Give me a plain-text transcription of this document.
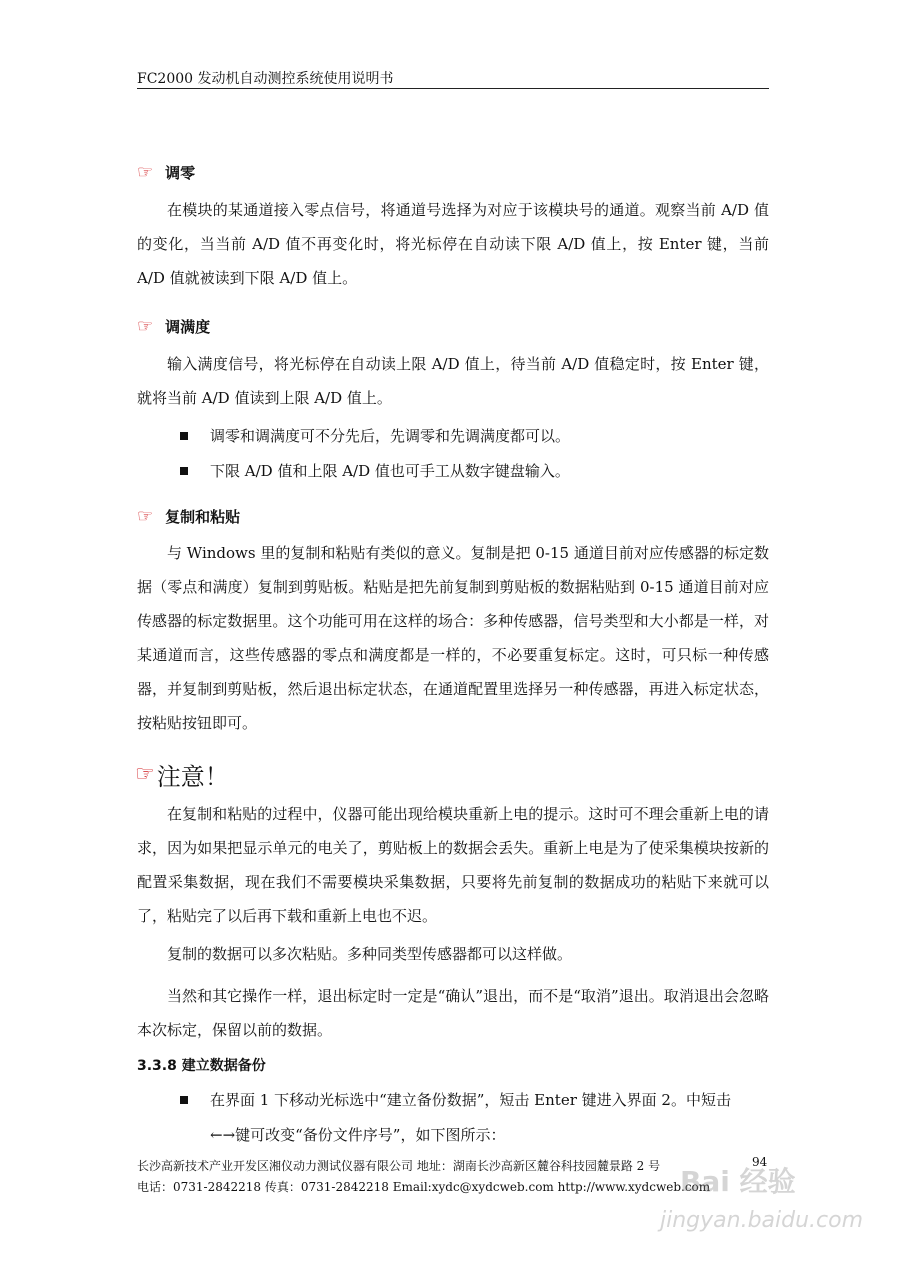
FC2000 发动机自动测控系统使用说明书
☞ 调零
在模块的某通道接入零点信号，将通道号选择为对应于该模块号的通道。观察当前 A/D 值的变化，当当前 A/D 值不再变化时，将光标停在自动读下限 A/D 值上，按 Enter 键，当前 A/D 值就被读到下限 A/D 值上。
☞ 调满度
输入满度信号，将光标停在自动读上限 A/D 值上，待当前 A/D 值稳定时，按 Enter 键，就将当前 A/D 值读到上限 A/D 值上。
调零和调满度可不分先后，先调零和先调满度都可以。
下限 A/D 值和上限 A/D 值也可手工从数字键盘输入。
☞ 复制和粘贴
与 Windows 里的复制和粘贴有类似的意义。复制是把 0-15 通道目前对应传感器的标定数据（零点和满度）复制到剪贴板。粘贴是把先前复制到剪贴板的数据粘贴到 0-15 通道目前对应传感器的标定数据里。这个功能可用在这样的场合：多种传感器，信号类型和大小都是一样，对某通道而言，这些传感器的零点和满度都是一样的，不必要重复标定。这时，可只标一种传感器，并复制到剪贴板，然后退出标定状态，在通道配置里选择另一种传感器，再进入标定状态，按粘贴按钮即可。
☞ 注意！
在复制和粘贴的过程中，仪器可能出现给模块重新上电的提示。这时可不理会重新上电的请求，因为如果把显示单元的电关了，剪贴板上的数据会丢失。重新上电是为了使采集模块按新的配置采集数据，现在我们不需要模块采集数据，只要将先前复制的数据成功的粘贴下来就可以了，粘贴完了以后再下载和重新上电也不迟。
复制的数据可以多次粘贴。多种同类型传感器都可以这样做。
当然和其它操作一样，退出标定时一定是“确认”退出，而不是“取消”退出。取消退出会忽略本次标定，保留以前的数据。
3.3.8 建立数据备份
在界面 1 下移动光标选中“建立备份数据”，短击 Enter 键进入界面 2。中短击
←→键可改变“备份文件序号”，如下图所示：
长沙高新技术产业开发区湘仪动力测试仪器有限公司 地址：湖南长沙高新区麓谷科技园麓景路 2 号	94
电话：0731-2842218 传真：0731-2842218 Email:xydc@xydcweb.com http://www.xydcweb.com
Bai 经验
jingyan.baidu.com
